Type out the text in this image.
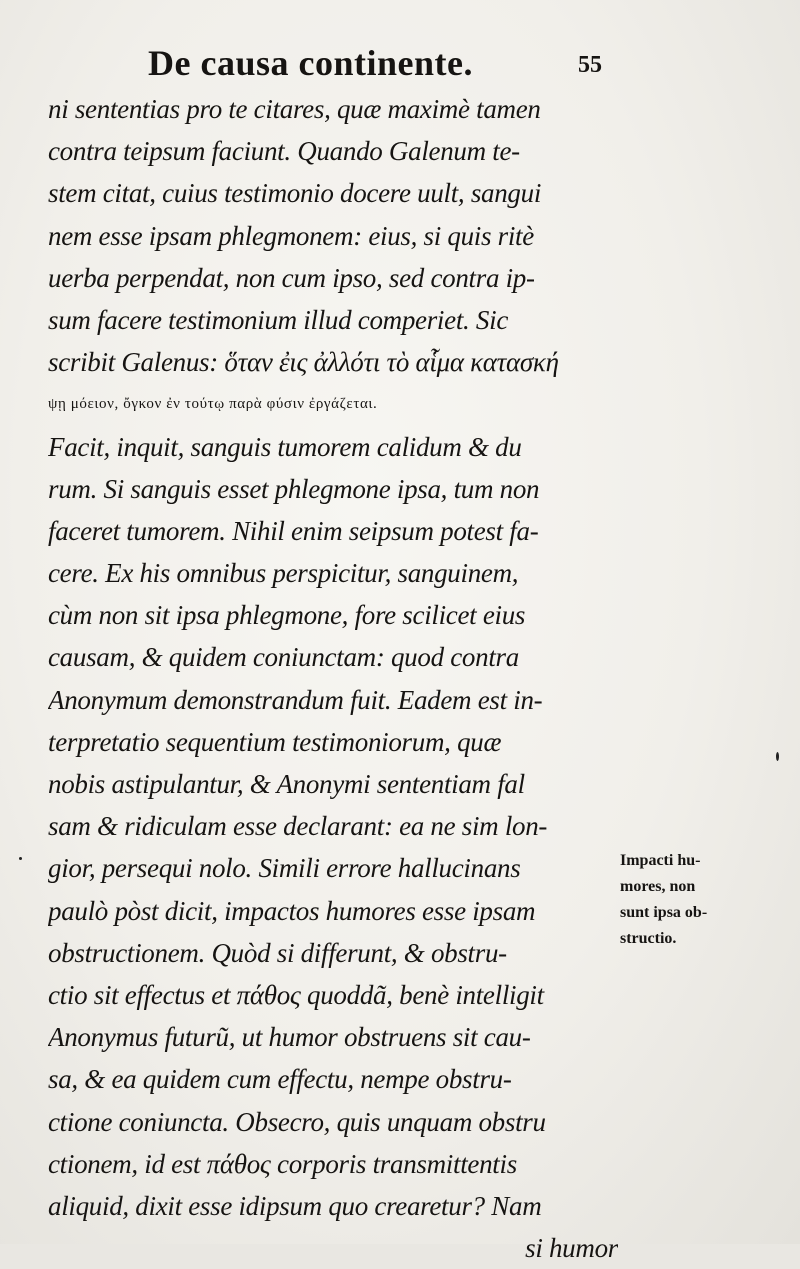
De causa continente.	55
ni sententias pro te citares, quæ maximè tamen
contra teipsum faciunt. Quando Galenum te-
stem citat, cuius testimonio docere uult, sangui
nem esse ipsam phlegmonem: eius, si quis ritè
uerba perpendat, non cum ipso, sed contra ip-
sum facere testimonium illud comperiet. Sic
scribit Galenus: ὅταν ἐις ἀλλότι τὸ αἷμα κατασκή
ψῃ μόειον, ὄγκον ἐν τούτῳ παρὰ φύσιν ἐργάζεται.
Facit, inquit, sanguis tumorem calidum & du
rum. Si sanguis esset phlegmone ipsa, tum non
faceret tumorem. Nihil enim seipsum potest fa-
cere. Ex his omnibus perspicitur, sanguinem,
cùm non sit ipsa phlegmone, fore scilicet eius
causam, & quidem coniunctam: quod contra
Anonymum demonstrandum fuit. Eadem est in-
terpretatio sequentium testimoniorum, quæ
nobis astipulantur, & Anonymi sententiam fal
sam & ridiculam esse declarant: ea ne sim lon-
gior, persequi nolo. Simili errore hallucinans
paulò pòst dicit, impactos humores esse ipsam
obstructionem. Quòd si differunt, & obstru-
ctio sit effectus et πάθος quoddã, benè intelligit
Anonymus futurũ, ut humor obstruens sit cau-
sa, & ea quidem cum effectu, nempe obstru-
ctione coniuncta. Obsecro, quis unquam obstru
ctionem, id est πάθος corporis transmittentis
aliquid, dixit esse idipsum quo crearetur? Nam
si humor
Impacti hu-
mores, non
sunt ipsa ob-
structio.
